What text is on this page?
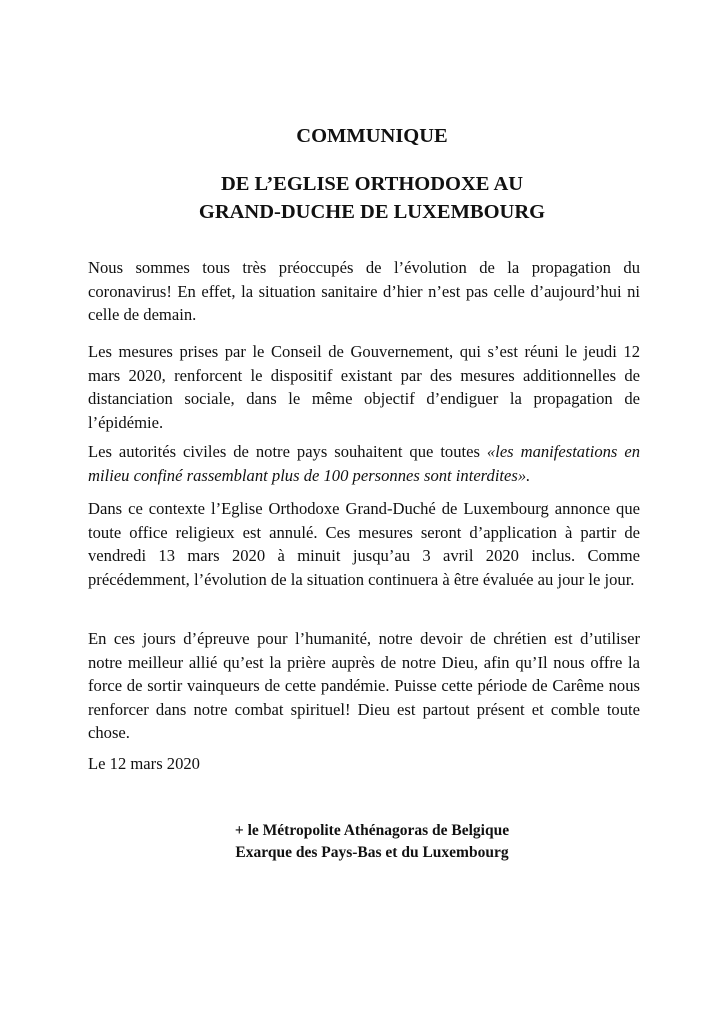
COMMUNIQUE
DE L’EGLISE ORTHODOXE AU
GRAND-DUCHE DE LUXEMBOURG

Nous sommes tous très préoccupés de l’évolution de la propagation du coronavirus! En effet, la situation sanitaire d’hier n’est pas celle d’aujourd’hui ni celle de demain.

Les mesures prises par le Conseil de Gouvernement, qui s’est réuni le jeudi 12 mars 2020, renforcent le dispositif existant par des mesures additionnelles de distanciation sociale, dans le même objectif d’endiguer la propagation de l’épidémie.

Les autorités civiles de notre pays souhaitent que toutes «les manifestations en milieu confiné rassemblant plus de 100 personnes sont interdites».

Dans ce contexte l’Eglise Orthodoxe Grand-Duché de Luxembourg annonce que toute office religieux est annulé. Ces mesures seront d’application à partir de vendredi 13 mars 2020 à minuit jusqu’au 3 avril 2020 inclus. Comme précédemment, l’évolution de la situation continuera à être évaluée au jour le jour.

En ces jours d’épreuve pour l’humanité, notre devoir de chrétien est d’utiliser notre meilleur allié qu’est la prière auprès de notre Dieu, afin qu’Il nous offre la force de sortir vainqueurs de cette pandémie. Puisse cette période de Carême nous renforcer dans notre combat spirituel! Dieu est partout présent et comble toute chose.

Le 12 mars 2020

+ le Métropolite Athénagoras de Belgique
Exarque des Pays-Bas et du Luxembourg
